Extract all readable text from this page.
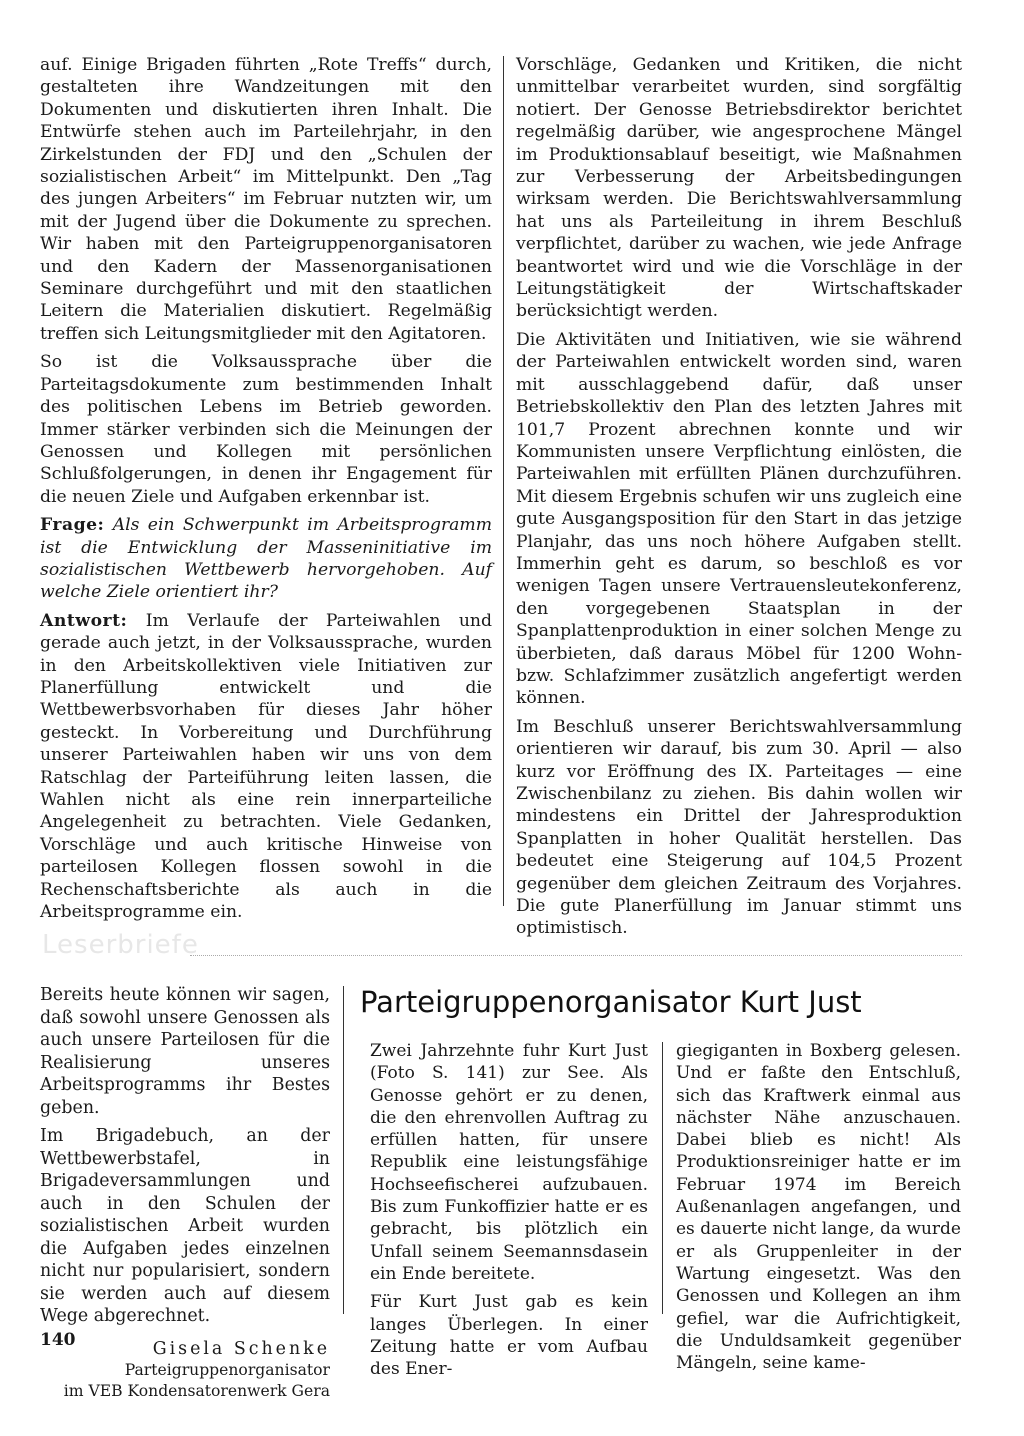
auf. Einige Brigaden führten „Rote Treffs“ durch, gestalteten ihre Wandzeitungen mit den Dokumenten und diskutierten ihren Inhalt. Die Entwürfe stehen auch im Parteilehrjahr, in den Zirkelstunden der FDJ und den „Schulen der sozialistischen Arbeit“ im Mittelpunkt. Den „Tag des jungen Arbeiters“ im Februar nutzten wir, um mit der Jugend über die Dokumente zu sprechen. Wir haben mit den Parteigruppenorganisatoren und den Kadern der Massenorganisationen Seminare durchgeführt und mit den staatlichen Leitern die Materialien diskutiert. Regelmäßig treffen sich Leitungsmitglieder mit den Agitatoren.

So ist die Volksaussprache über die Parteitagsdokumente zum bestimmenden Inhalt des politischen Lebens im Betrieb geworden. Immer stärker verbinden sich die Meinungen der Genossen und Kollegen mit persönlichen Schlußfolgerungen, in denen ihr Engagement für die neuen Ziele und Aufgaben erkennbar ist.

Frage: Als ein Schwerpunkt im Arbeitsprogramm ist die Entwicklung der Masseninitiative im sozialistischen Wettbewerb hervorgehoben. Auf welche Ziele orientiert ihr?

Antwort: Im Verlaufe der Parteiwahlen und gerade auch jetzt, in der Volksaussprache, wurden in den Arbeitskollektiven viele Initiativen zur Planerfüllung entwickelt und die Wettbewerbsvorhaben für dieses Jahr höher gesteckt. In Vorbereitung und Durchführung unserer Parteiwahlen haben wir uns von dem Ratschlag der Parteiführung leiten lassen, die Wahlen nicht als eine rein innerparteiliche Angelegenheit zu betrachten. Viele Gedanken, Vorschläge und auch kritische Hinweise von parteilosen Kollegen flossen sowohl in die Rechenschaftsberichte als auch in die Arbeitsprogramme ein.

Vorschläge, Gedanken und Kritiken, die nicht unmittelbar verarbeitet wurden, sind sorgfältig notiert. Der Genosse Betriebsdirektor berichtet regelmäßig darüber, wie angesprochene Mängel im Produktionsablauf beseitigt, wie Maßnahmen zur Verbesserung der Arbeitsbedingungen wirksam werden. Die Berichtswahlversammlung hat uns als Parteileitung in ihrem Beschluß verpflichtet, darüber zu wachen, wie jede Anfrage beantwortet wird und wie die Vorschläge in der Leitungstätigkeit der Wirtschaftskader berücksichtigt werden.

Die Aktivitäten und Initiativen, wie sie während der Parteiwahlen entwickelt worden sind, waren mit ausschlaggebend dafür, daß unser Betriebskollektiv den Plan des letzten Jahres mit 101,7 Prozent abrechnen konnte und wir Kommunisten unsere Verpflichtung einlösten, die Parteiwahlen mit erfüllten Plänen durchzuführen. Mit diesem Ergebnis schufen wir uns zugleich eine gute Ausgangsposition für den Start in das jetzige Planjahr, das uns noch höhere Aufgaben stellt. Immerhin geht es darum, so beschloß es vor wenigen Tagen unsere Vertrauensleutekonferenz, den vorgegebenen Staatsplan in der Spanplattenproduktion in einer solchen Menge zu überbieten, daß daraus Möbel für 1200 Wohn- bzw. Schlafzimmer zusätzlich angefertigt werden können.

Im Beschluß unserer Berichtswahlversammlung orientieren wir darauf, bis zum 30. April — also kurz vor Eröffnung des IX. Parteitages — eine Zwischenbilanz zu ziehen. Bis dahin wollen wir mindestens ein Drittel der Jahresproduktion Spanplatten in hoher Qualität herstellen. Das bedeutet eine Steigerung auf 104,5 Prozent gegenüber dem gleichen Zeitraum des Vorjahres. Die gute Planerfüllung im Januar stimmt uns optimistisch.

Leserbriefe

Bereits heute können wir sagen, daß sowohl unsere Genossen als auch unsere Parteilosen für die Realisierung unseres Arbeitsprogramms ihr Bestes geben.

Im Brigadebuch, an der Wettbewerbstafel, in Brigadeversammlungen und auch in den Schulen der sozialistischen Arbeit wurden die Aufgaben jedes einzelnen nicht nur popularisiert, sondern sie werden auch auf diesem Wege abgerechnet.

Gisela Schenke
Parteigruppenorganisator
im VEB Kondensatorenwerk Gera
Parteigruppenorganisator Kurt Just

Zwei Jahrzehnte fuhr Kurt Just (Foto S. 141) zur See. Als Genosse gehört er zu denen, die den ehrenvollen Auftrag zu erfüllen hatten, für unsere Republik eine leistungsfähige Hochseefischerei aufzubauen. Bis zum Funkoffizier hatte er es gebracht, bis plötzlich ein Unfall seinem Seemannsdasein ein Ende bereitete.

Für Kurt Just gab es kein langes Überlegen. In einer Zeitung hatte er vom Aufbau des Ener-

giegiganten in Boxberg gelesen. Und er faßte den Entschluß, sich das Kraftwerk einmal aus nächster Nähe anzuschauen. Dabei blieb es nicht! Als Produktionsreiniger hatte er im Februar 1974 im Bereich Außenanlagen angefangen, und es dauerte nicht lange, da wurde er als Gruppenleiter in der Wartung eingesetzt. Was den Genossen und Kollegen an ihm gefiel, war die Aufrichtigkeit, die Unduldsamkeit gegenüber Mängeln, seine kame-

140
